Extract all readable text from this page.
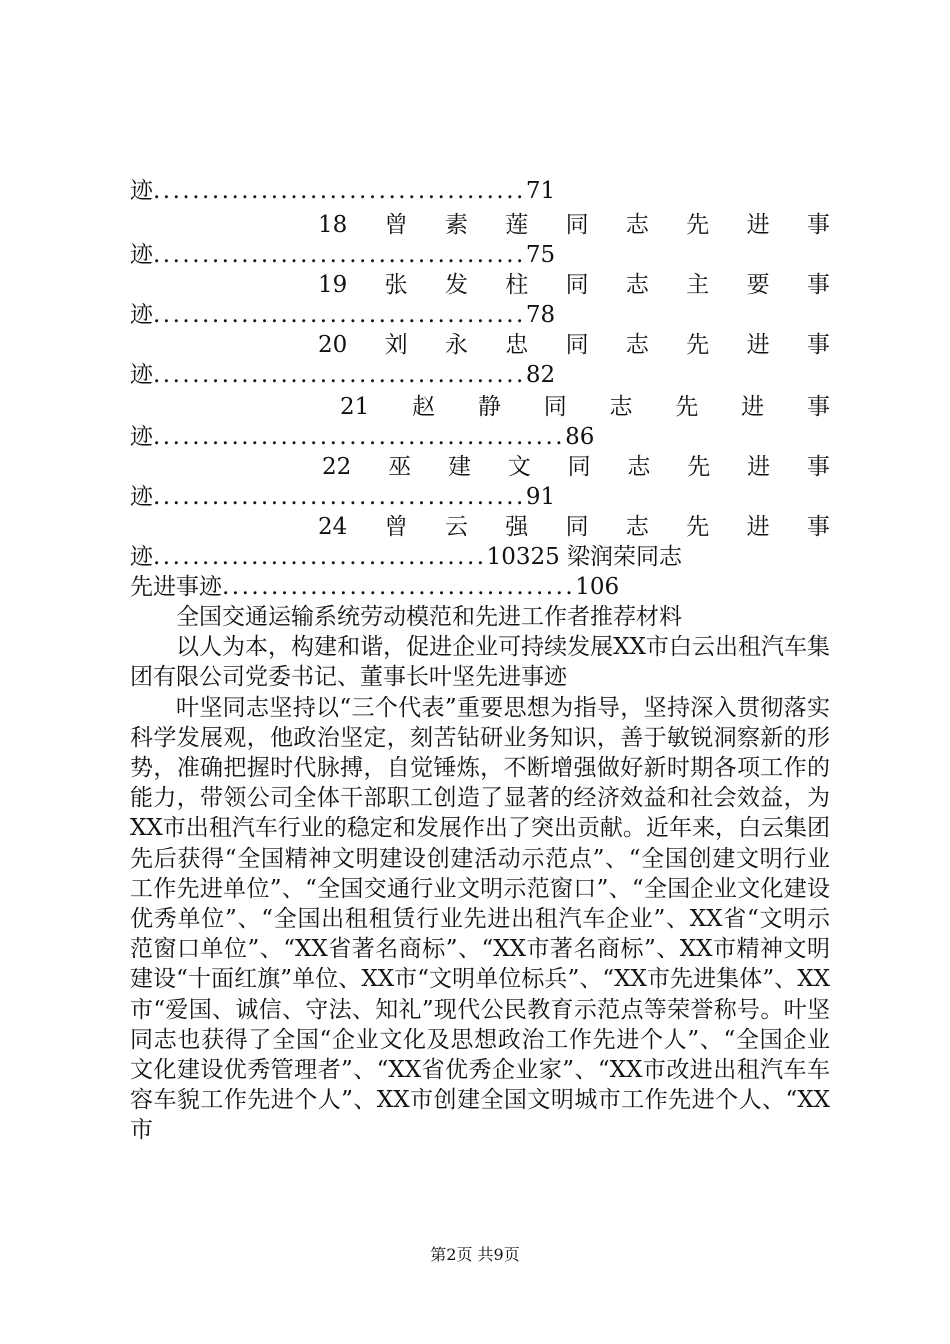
迹......................................71
18 曾 素 莲 同 志 先 进 事
迹......................................75
19 张 发 柱 同 志 主 要 事
迹......................................78
20 刘 永 忠 同 志 先 进 事
迹......................................82
21 赵 静 同 志 先 进 事
迹..........................................86
22 巫 建 文 同 志 先 进 事
迹......................................91
24 曾 云 强 同 志 先 进 事
迹..................................10325 梁润荣同志
先进事迹....................................106

全国交通运输系统劳动模范和先进工作者推荐材料

以人为本，构建和谐，促进企业可持续发展XX市白云出租汽车集团有限公司党委书记、董事长叶坚先进事迹

叶坚同志坚持以“三个代表”重要思想为指导，坚持深入贯彻落实科学发展观，他政治坚定，刻苦钻研业务知识，善于敏锐洞察新的形势，准确把握时代脉搏，自觉锤炼，不断增强做好新时期各项工作的能力，带领公司全体干部职工创造了显著的经济效益和社会效益，为XX市出租汽车行业的稳定和发展作出了突出贡献。近年来，白云集团先后获得“全国精神文明建设创建活动示范点”、“全国创建文明行业工作先进单位”、“全国交通行业文明示范窗口”、“全国企业文化建设优秀单位”、“全国出租租赁行业先进出租汽车企业”、XX省“文明示范窗口单位”、“XX省著名商标”、“XX市著名商标”、XX市精神文明建设“十面红旗”单位、XX市“文明单位标兵”、“XX市先进集体”、XX市“爱国、诚信、守法、知礼”现代公民教育示范点等荣誉称号。叶坚同志也获得了全国“企业文化及思想政治工作先进个人”、“全国企业文化建设优秀管理者”、“XX省优秀企业家”、“XX市改进出租汽车车容车貌工作先进个人”、XX市创建全国文明城市工作先进个人、“XX市

第2页 共9页
